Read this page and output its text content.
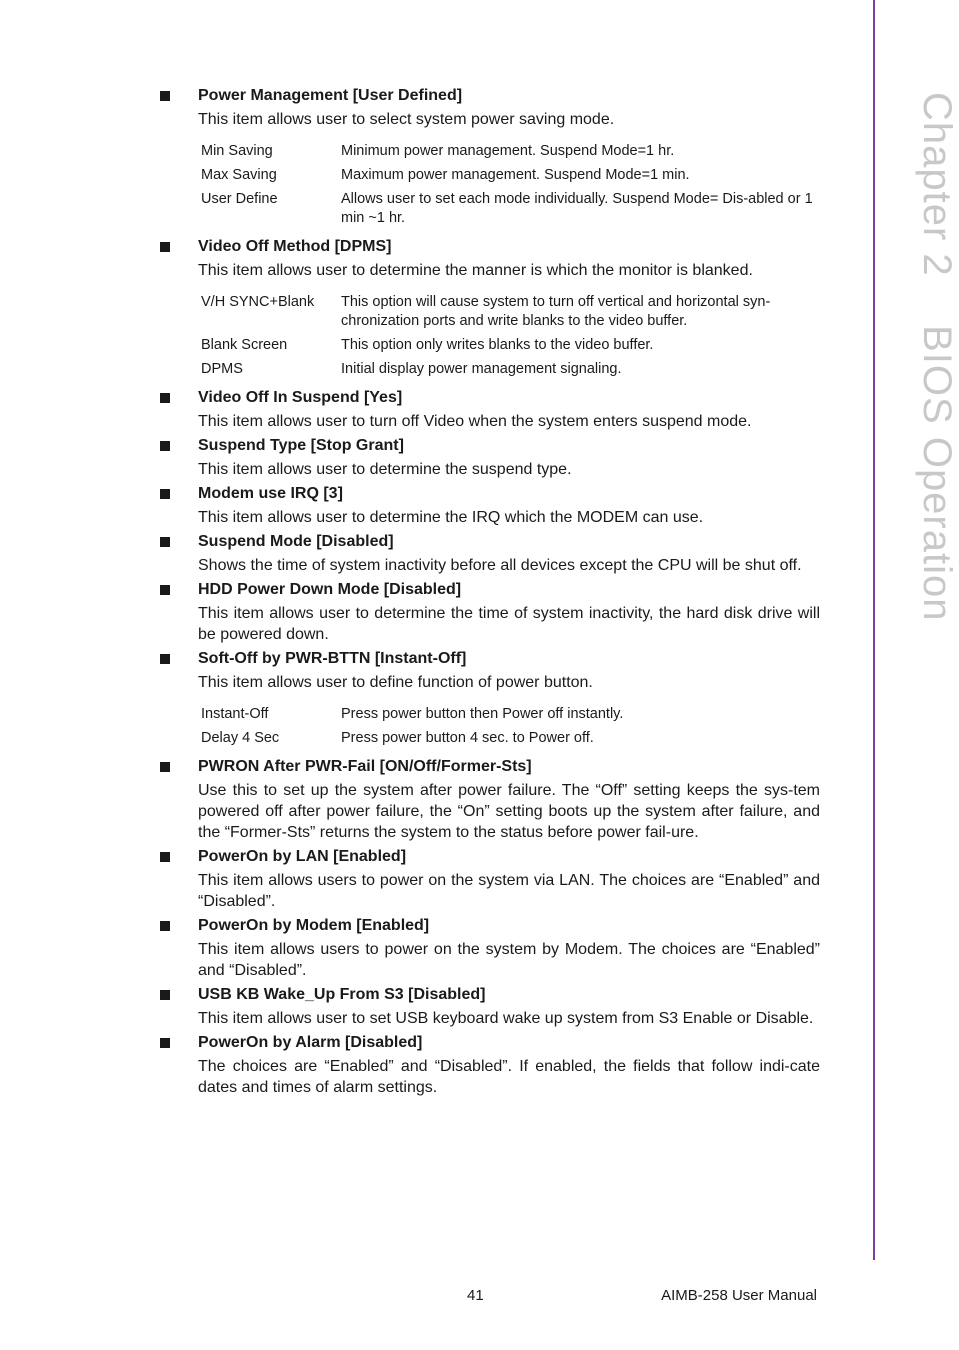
Chapter 2    BIOS Operation
Power Management [User Defined]
This item allows user to select system power saving mode.
Min Saving	Minimum power management. Suspend Mode=1 hr.
Max Saving	Maximum power management. Suspend Mode=1 min.
User Define	Allows user to set each mode individually. Suspend Mode= Dis-abled or 1 min ~1 hr.
Video Off Method [DPMS]
This item allows user to determine the manner is which the monitor is blanked.
V/H SYNC+Blank	This option will cause system to turn off vertical and horizontal syn-chronization ports and write blanks to the video buffer.
Blank Screen	This option only writes blanks to the video buffer.
DPMS	Initial display power management signaling.
Video Off In Suspend [Yes]
This item allows user to turn off Video when the system enters suspend mode.
Suspend Type [Stop Grant]
This item allows user to determine the suspend type.
Modem use IRQ [3]
This item allows user to determine the IRQ which the MODEM can use.
Suspend Mode [Disabled]
Shows the time of system inactivity before all devices except the CPU will be shut off.
HDD Power Down Mode [Disabled]
This item allows user to determine the time of system inactivity, the hard disk drive will be powered down.
Soft-Off by PWR-BTTN [Instant-Off]
This item allows user to define function of power button.
Instant-Off	Press power button then Power off instantly.
Delay 4 Sec	Press power button 4 sec. to Power off.
PWRON After PWR-Fail [ON/Off/Former-Sts]
Use this to set up the system after power failure. The “Off” setting keeps the sys-tem powered off after power failure, the “On” setting boots up the system after failure, and the “Former-Sts” returns the system to the status before power fail-ure.
PowerOn by LAN [Enabled]
This item allows users to power on the system via LAN. The choices are “Enabled” and “Disabled”.
PowerOn by Modem [Enabled]
This item allows users to power on the system by Modem. The choices are “Enabled” and “Disabled”.
USB KB Wake_Up From S3 [Disabled]
This item allows user to set USB keyboard wake up system from S3 Enable or Disable.
PowerOn by Alarm [Disabled]
The choices are “Enabled” and “Disabled”. If enabled, the fields that follow indi-cate dates and times of alarm settings.
41	AIMB-258 User Manual
